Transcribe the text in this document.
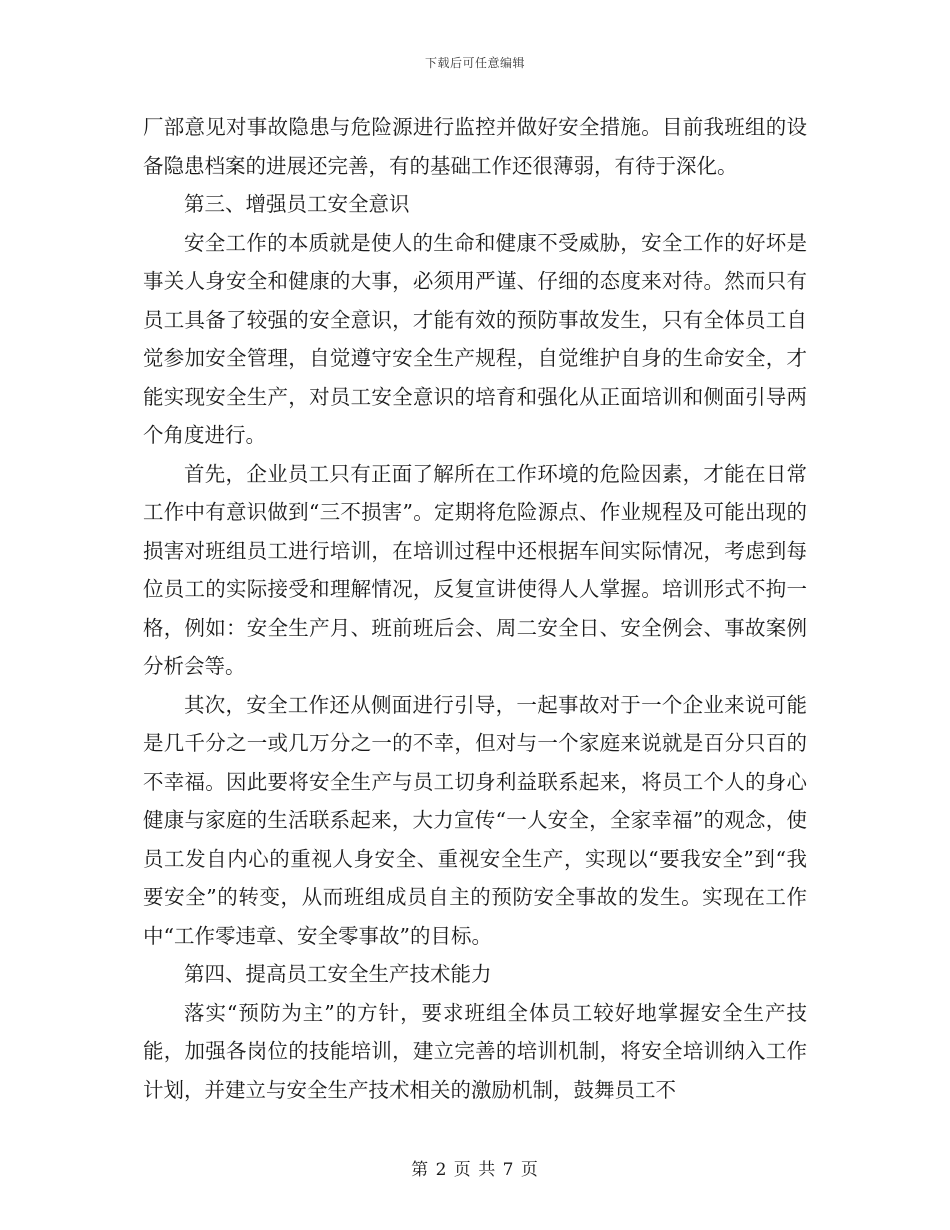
下载后可任意编辑

厂部意见对事故隐患与危险源进行监控并做好安全措施。目前我班组的设备隐患档案的进展还完善，有的基础工作还很薄弱，有待于深化。

第三、增强员工安全意识

安全工作的本质就是使人的生命和健康不受威胁，安全工作的好坏是事关人身安全和健康的大事，必须用严谨、仔细的态度来对待。然而只有员工具备了较强的安全意识，才能有效的预防事故发生，只有全体员工自觉参加安全管理，自觉遵守安全生产规程，自觉维护自身的生命安全，才能实现安全生产，对员工安全意识的培育和强化从正面培训和侧面引导两个角度进行。

首先，企业员工只有正面了解所在工作环境的危险因素，才能在日常工作中有意识做到“三不损害”。定期将危险源点、作业规程及可能出现的损害对班组员工进行培训，在培训过程中还根据车间实际情况，考虑到每位员工的实际接受和理解情况，反复宣讲使得人人掌握。培训形式不拘一格，例如：安全生产月、班前班后会、周二安全日、安全例会、事故案例分析会等。

其次，安全工作还从侧面进行引导，一起事故对于一个企业来说可能是几千分之一或几万分之一的不幸，但对与一个家庭来说就是百分只百的不幸福。因此要将安全生产与员工切身利益联系起来，将员工个人的身心健康与家庭的生活联系起来，大力宣传“一人安全，全家幸福”的观念，使员工发自内心的重视人身安全、重视安全生产，实现以“要我安全”到“我要安全”的转变，从而班组成员自主的预防安全事故的发生。实现在工作中“工作零违章、安全零事故”的目标。

第四、提高员工安全生产技术能力

落实“预防为主”的方针，要求班组全体员工较好地掌握安全生产技能，加强各岗位的技能培训，建立完善的培训机制，将安全培训纳入工作计划，并建立与安全生产技术相关的激励机制，鼓舞员工不

第 2 页 共 7 页
